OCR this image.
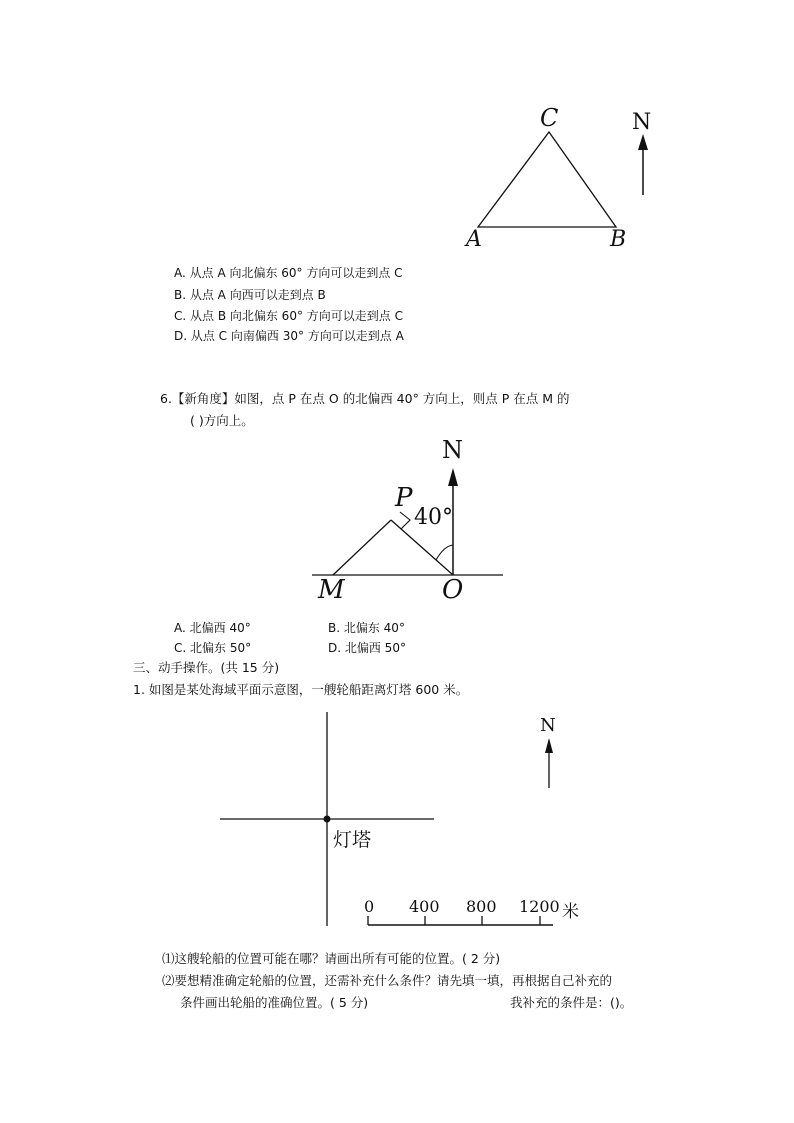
C
A	B
N
A. 从点 A 向北偏东 60° 方向可以走到点 C
B. 从点 A 向西可以走到点 B
C. 从点 B 向北偏东 60° 方向可以走到点 C
D. 从点 C 向南偏西 30° 方向可以走到点 A
6.【新角度】如图，点 P 在点 O 的北偏西 40° 方向上，则点 P 在点 M 的
( )方向上。
N
P
40°
M	O
A. 北偏西 40°	B. 北偏东 40°
C. 北偏东 50°	D. 北偏西 50°
三、动手操作。(共 15 分)
1. 如图是某处海域平面示意图，一艘轮船距离灯塔 600 米。
灯塔
N
0 400 800 1200 米
⑴这艘轮船的位置可能在哪？请画出所有可能的位置。( 2 分)
⑵要想精准确定轮船的位置，还需补充什么条件？请先填一填，再根据自己补充的
条件画出轮船的准确位置。( 5 分)	我补充的条件是：()。
